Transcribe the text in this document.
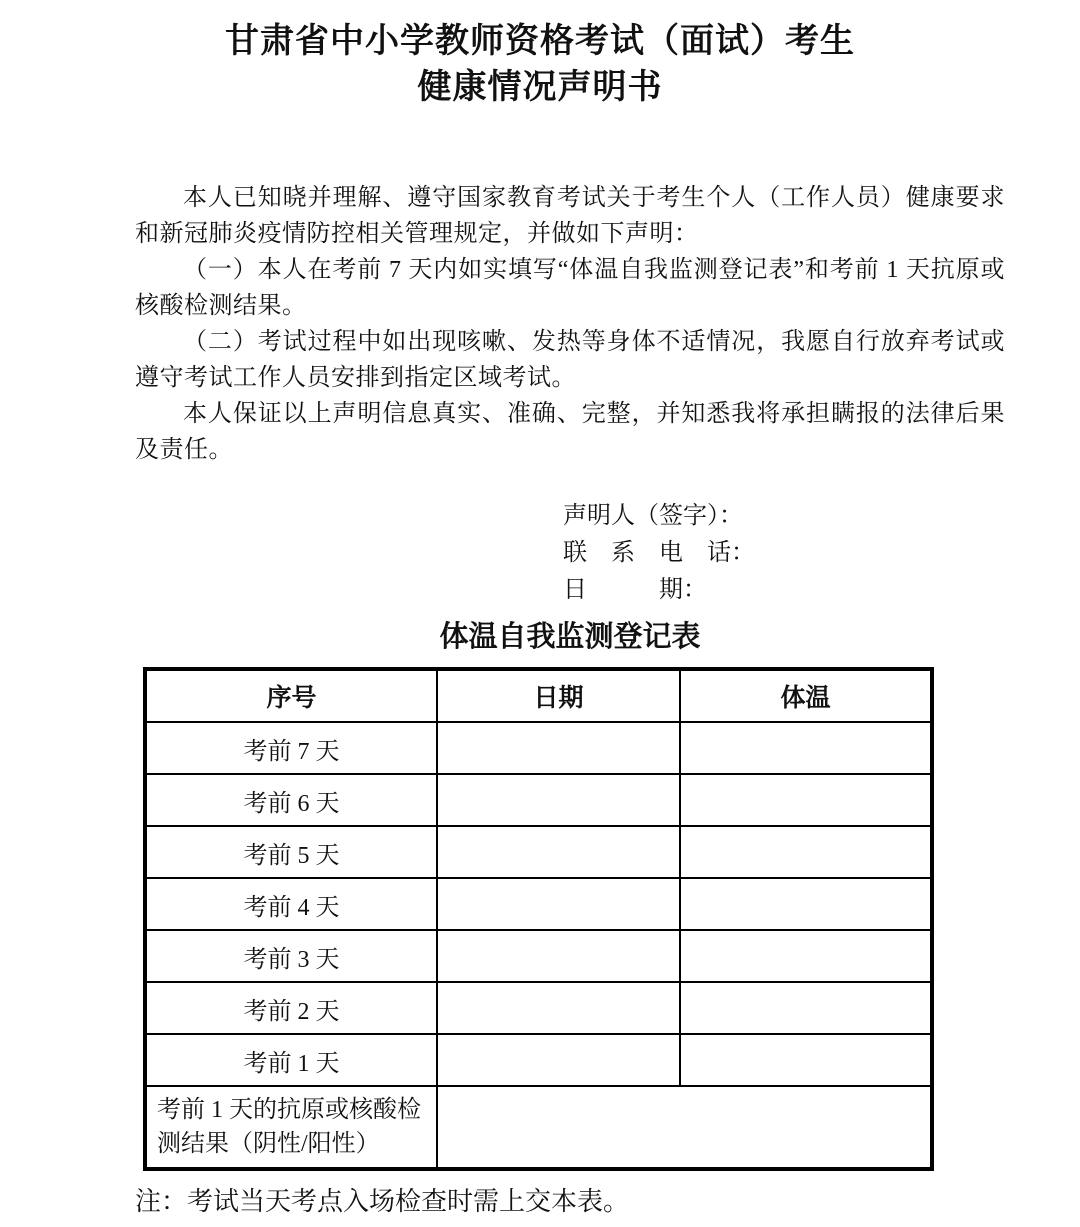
甘肃省中小学教师资格考试（面试）考生
健康情况声明书

本人已知晓并理解、遵守国家教育考试关于考生个人（工作人员）健康要求和新冠肺炎疫情防控相关管理规定，并做如下声明：

（一）本人在考前 7 天内如实填写“体温自我监测登记表”和考前 1 天抗原或核酸检测结果。

（二）考试过程中如出现咳嗽、发热等身体不适情况，我愿自行放弃考试或遵守考试工作人员安排到指定区域考试。

本人保证以上声明信息真实、准确、完整，并知悉我将承担瞒报的法律后果及责任。

声明人（签字）：
联　系　电　话：
日　　　期：
体温自我监测登记表
序号	日期	体温
考前 7 天		
考前 6 天		
考前 5 天		
考前 4 天		
考前 3 天		
考前 2 天		
考前 1 天		
考前 1 天的抗原或核酸检测结果（阴性/阳性）		
注：考试当天考点入场检查时需上交本表。
